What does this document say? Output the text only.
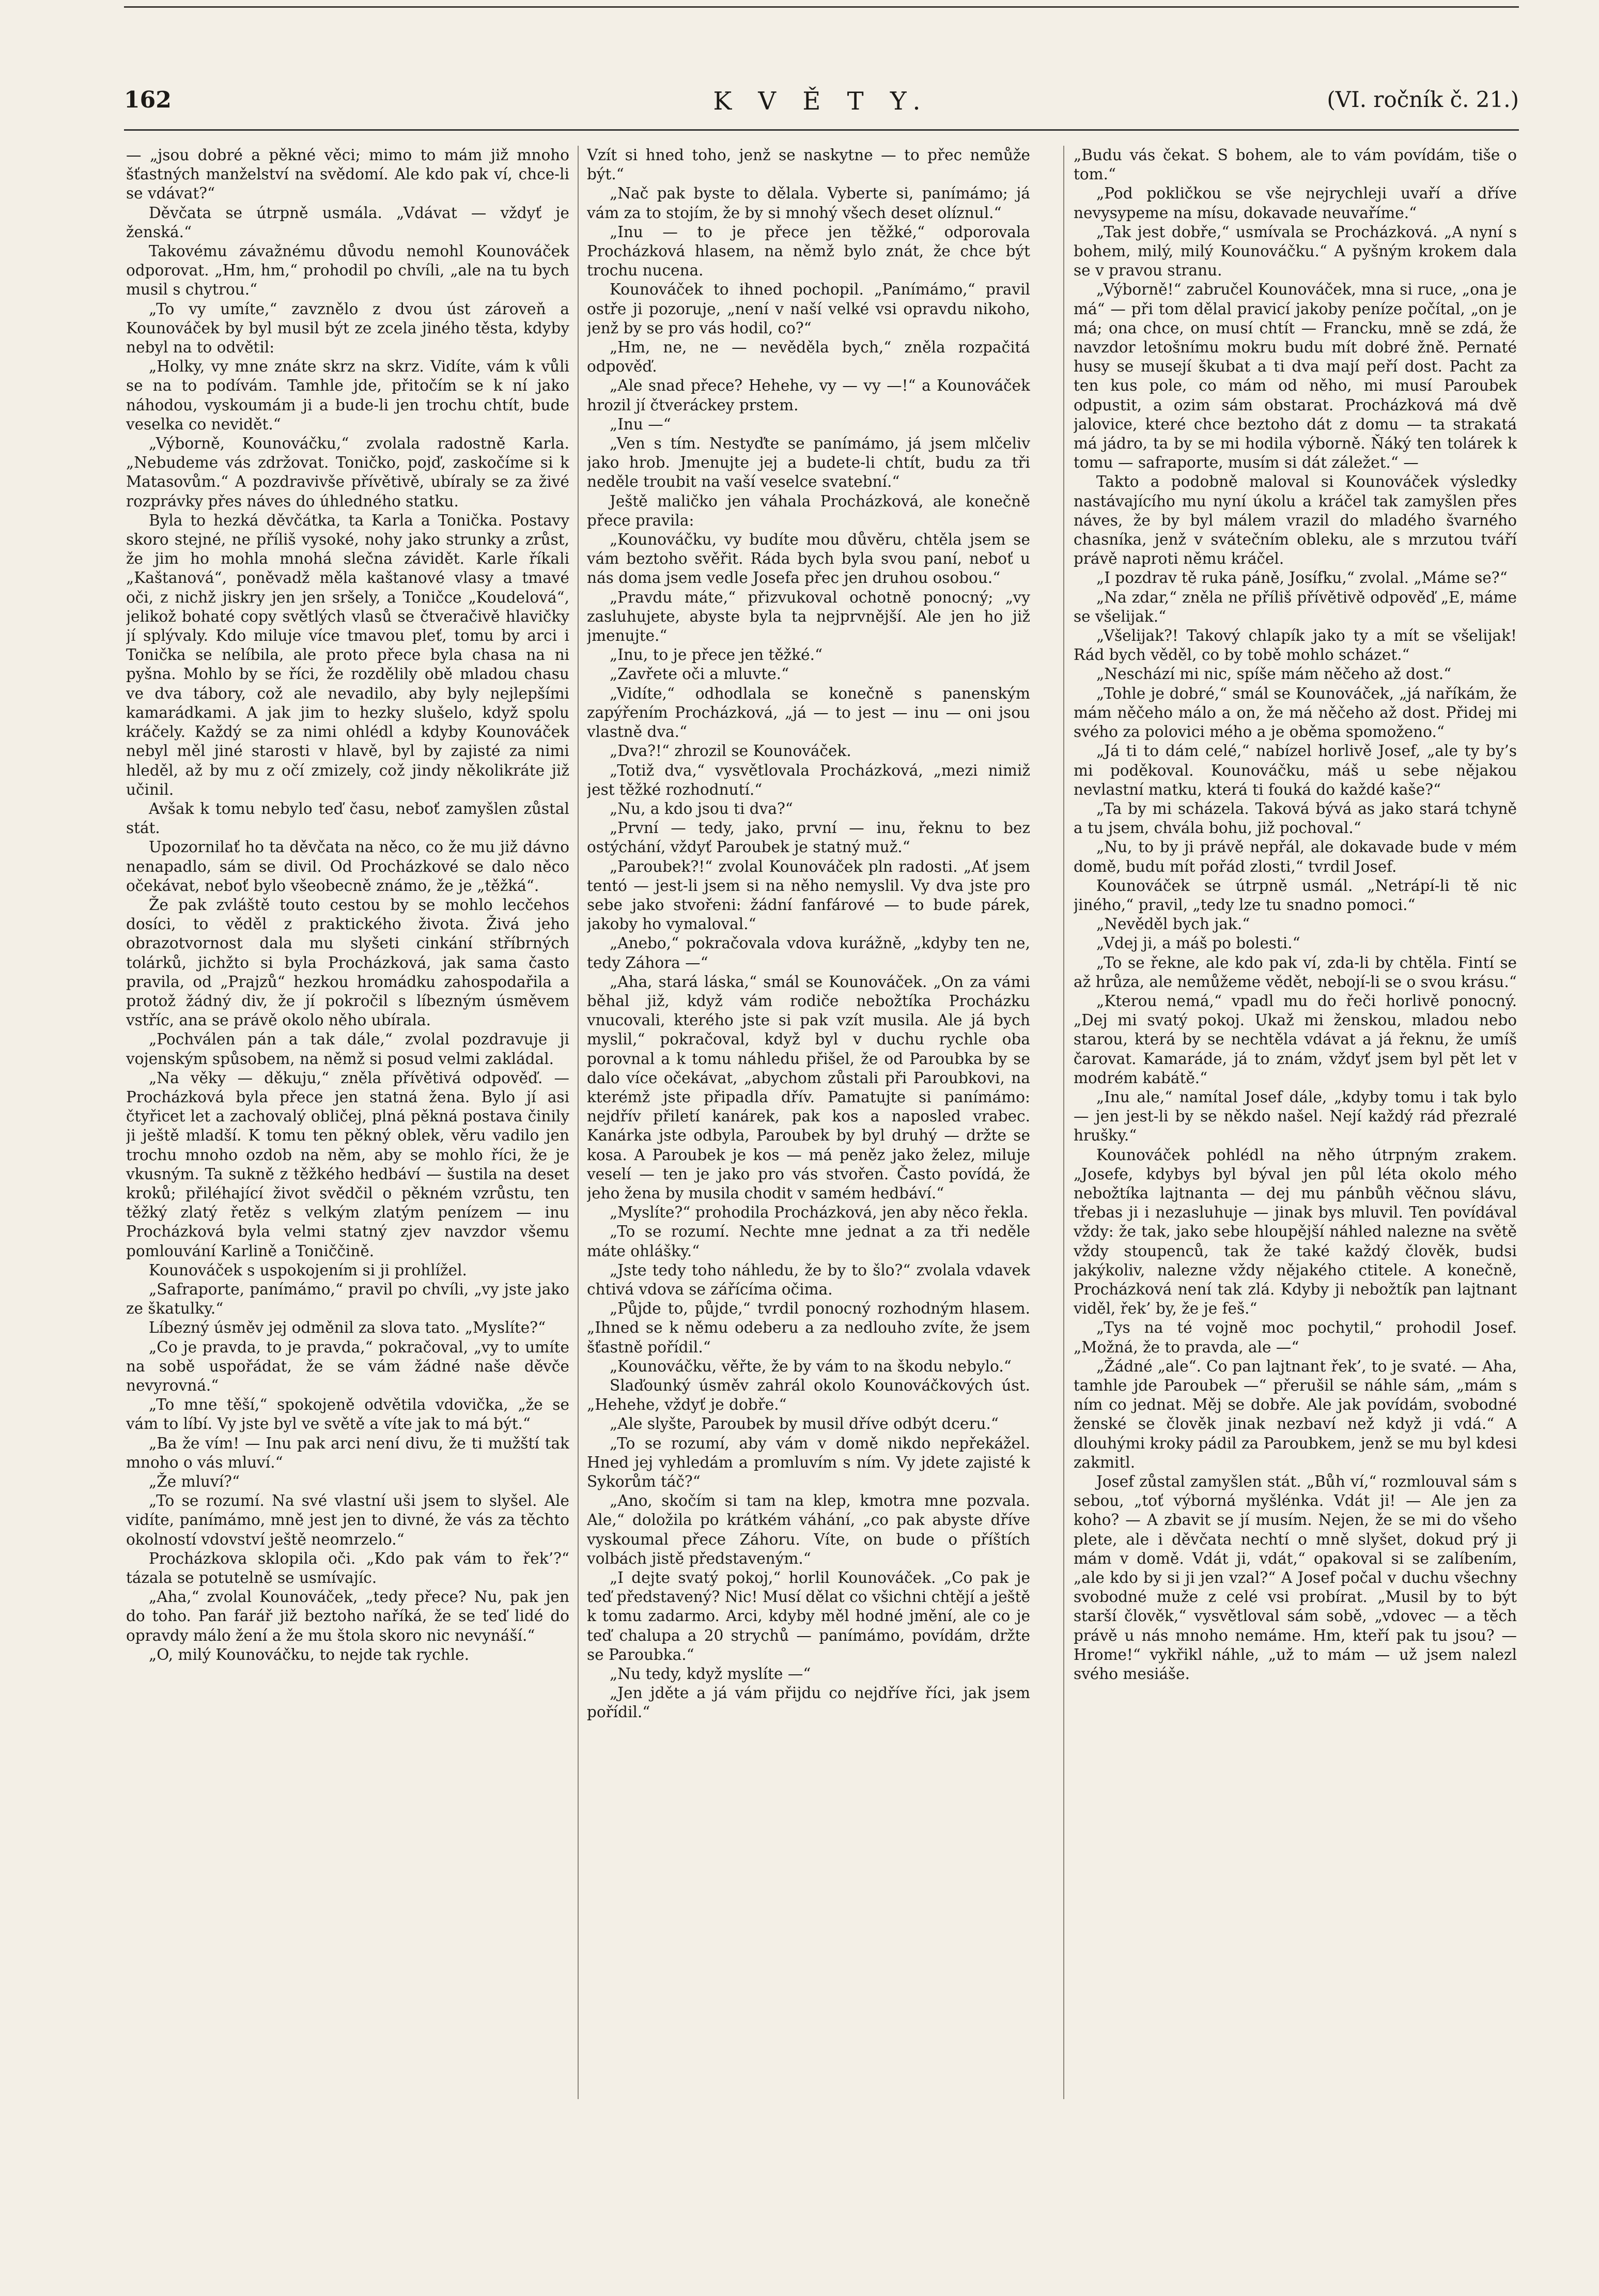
162	K V Ě T Y.	(VI. ročník č. 21.)

— „jsou dobré a pěkné věci; mimo to mám již mnoho šťastných manželství na svědomí. Ale kdo pak ví, chce-li se vdávat?“

Děvčata se útrpně usmála. „Vdávat — vždyť je ženská.“

Takovému závažnému důvodu nemohl Kounováček odporovat. „Hm, hm,“ prohodil po chvíli, „ale na tu bych musil s chytrou.“

„To vy umíte,“ zavznělo z dvou úst zároveň a Kounováček by byl musil být ze zcela jiného těsta, kdyby nebyl na to odvětil:

„Holky, vy mne znáte skrz na skrz. Vidíte, vám k vůli se na to podívám. Tamhle jde, přitočím se k ní jako náhodou, vyskoumám ji a bude-li jen trochu chtít, bude veselka co nevidět.“

„Výborně, Kounováčku,“ zvolala radostně Karla. „Nebudeme vás zdržovat. Toničko, pojď, zaskočíme si k Matasovům.“ A pozdravivše přívětivě, ubíraly se za živé rozprávky přes náves do úhledného statku.

Byla to hezká děvčátka, ta Karla a Tonička. Postavy skoro stejné, ne příliš vysoké, nohy jako strunky a zrůst, že jim ho mohla mnohá slečna závidět. Karle říkali „Kaštanová“, poněvadž měla kaštanové vlasy a tmavé oči, z nichž jiskry jen jen sršely, a Toničce „Koudelová“, jelikož bohaté copy světlých vlasů se čtveračivě hlavičky jí splývaly. Kdo miluje více tmavou pleť, tomu by arci i Tonička se nelíbila, ale proto přece byla chasa na ni pyšna. Mohlo by se říci, že rozdělily obě mladou chasu ve dva tábory, což ale nevadilo, aby byly nejlepšími kamarádkami. A jak jim to hezky slušelo, když spolu kráčely. Každý se za nimi ohlédl a kdyby Kounováček nebyl měl jiné starosti v hlavě, byl by zajisté za nimi hleděl, až by mu z očí zmizely, což jindy několikráte již učinil.

Avšak k tomu nebylo teď času, neboť zamyšlen zůstal stát.

Upozornilať ho ta děvčata na něco, co že mu již dávno nenapadlo, sám se divil. Od Procházkové se dalo něco očekávat, neboť bylo všeobecně známo, že je „těžká“.

Že pak zvláště touto cestou by se mohlo lecčehos dosíci, to věděl z praktického života. Živá jeho obrazotvornost dala mu slyšeti cinkání stříbrných tolárků, jichžto si byla Procházková, jak sama často pravila, od „Prajzů“ hezkou hromádku zahospodařila a protož žádný div, že jí pokročil s líbezným úsměvem vstříc, ana se právě okolo něho ubírala.

„Pochválen pán a tak dále,“ zvolal pozdravuje ji vojenským spůsobem, na němž si posud velmi zakládal.

„Na věky — děkuju,“ zněla přívětivá odpověď. — Procházková byla přece jen statná žena. Bylo jí asi čtyřicet let a zachovalý obličej, plná pěkná postava činily ji ještě mladší. K tomu ten pěkný oblek, věru vadilo jen trochu mnoho ozdob na něm, aby se mohlo říci, že je vkusným. Ta sukně z těžkého hedbáví — šustila na deset kroků; přiléhající život svědčil o pěkném vzrůstu, ten těžký zlatý řetěz s velkým zlatým penízem — inu Procházková byla velmi statný zjev navzdor všemu pomlouvání Karlině a Toniččině.

Kounováček s uspokojením si ji prohlížel.

„Safraporte, panímámo,“ pravil po chvíli, „vy jste jako ze škatulky.“

Líbezný úsměv jej odměnil za slova tato. „Myslíte?“

„Co je pravda, to je pravda,“ pokračoval, „vy to umíte na sobě uspořádat, že se vám žádné naše děvče nevyrovná.“

„To mne těší,“ spokojeně odvětila vdovička, „že se vám to líbí. Vy jste byl ve světě a víte jak to má být.“

„Ba že vím! — Inu pak arci není divu, že ti mužští tak mnoho o vás mluví.“

„Že mluví?“

„To se rozumí. Na své vlastní uši jsem to slyšel. Ale vidíte, panímámo, mně jest jen to divné, že vás za těchto okolností vdovství ještě neomrzelo.“

Procházkova sklopila oči. „Kdo pak vám to řek’?“ tázala se potutelně se usmívajíc.

„Aha,“ zvolal Kounováček, „tedy přece? Nu, pak jen do toho. Pan farář již beztoho naříká, že se teď lidé do opravdy málo žení a že mu štola skoro nic nevynáší.“

„O, milý Kounováčku, to nejde tak rychle.

Vzít si hned toho, jenž se naskytne — to přec nemůže být.“

„Nač pak byste to dělala. Vyberte si, panímámo; já vám za to stojím, že by si mnohý všech deset olíznul.“

„Inu — to je přece jen těžké,“ odporovala Procházková hlasem, na němž bylo znát, že chce být trochu nucena.

Kounováček to ihned pochopil. „Panímámo,“ pravil ostře ji pozoruje, „není v naší velké vsi opravdu nikoho, jenž by se pro vás hodil, co?“

„Hm, ne, ne — nevěděla bych,“ zněla rozpačitá odpověď.

„Ale snad přece? Hehehe, vy — vy —!“ a Kounováček hrozil jí čtveráckey prstem.

„Inu —“

„Ven s tím. Nestyďte se panímámo, já jsem mlčeliv jako hrob. Jmenujte jej a budete-li chtít, budu za tři neděle troubit na vaší veselce svatební.“

Ještě maličko jen váhala Procházková, ale konečně přece pravila:

„Kounováčku, vy budíte mou důvěru, chtěla jsem se vám beztoho svěřit. Ráda bych byla svou paní, neboť u nás doma jsem vedle Josefa přec jen druhou osobou.“

„Pravdu máte,“ přizvukoval ochotně ponocný; „vy zasluhujete, abyste byla ta nejprvnější. Ale jen ho již jmenujte.“

„Inu, to je přece jen těžké.“

„Zavřete oči a mluvte.“

„Vidíte,“ odhodlala se konečně s panenským zapýřením Procházková, „já — to jest — inu — oni jsou vlastně dva.“

„Dva?!“ zhrozil se Kounováček.

„Totiž dva,“ vysvětlovala Procházková, „mezi nimiž jest těžké rozhodnutí.“

„Nu, a kdo jsou ti dva?“

„První — tedy, jako, první — inu, řeknu to bez ostýchání, vždyť Paroubek je statný muž.“

„Paroubek?!“ zvolal Kounováček pln radosti. „Ať jsem tentó — jest-li jsem si na něho nemyslil. Vy dva jste pro sebe jako stvořeni: žádní fanfárové — to bude párek, jakoby ho vymaloval.“

„Anebo,“ pokračovala vdova kurážně, „kdyby ten ne, tedy Záhora —“

„Aha, stará láska,“ smál se Kounováček. „On za vámi běhal již, když vám rodiče nebožtíka Procházku vnucovali, kterého jste si pak vzít musila. Ale já bych myslil,“ pokračoval, když byl v duchu rychle oba porovnal a k tomu náhledu přišel, že od Paroubka by se dalo více očekávat, „abychom zůstali při Paroubkovi, na kterémž jste připadla dřív. Pamatujte si panímámo: nejdřív přiletí kanárek, pak kos a naposled vrabec. Kanárka jste odbyla, Paroubek by byl druhý — držte se kosa. A Paroubek je kos — má peněz jako želez, miluje veselí — ten je jako pro vás stvořen. Často povídá, že jeho žena by musila chodit v samém hedbáví.“

„Myslíte?“ prohodila Procházková, jen aby něco řekla.

„To se rozumí. Nechte mne jednat a za tři neděle máte ohlášky.“

„Jste tedy toho náhledu, že by to šlo?“ zvolala vdavek chtivá vdova se zářícíma očima.

„Půjde to, půjde,“ tvrdil ponocný rozhodným hlasem. „Ihned se k němu odeberu a za nedlouho zvíte, že jsem šťastně pořídil.“

„Kounováčku, věřte, že by vám to na škodu nebylo.“

Slaďounký úsměv zahrál okolo Kounováčkových úst. „Hehehe, vždyť je dobře.“

„Ale slyšte, Paroubek by musil dříve odbýt dceru.“

„To se rozumí, aby vám v domě nikdo nepřekážel. Hned jej vyhledám a promluvím s ním. Vy jdete zajisté k Sykorům táč?“

„Ano, skočím si tam na klep, kmotra mne pozvala. Ale,“ doložila po krátkém váhání, „co pak abyste dříve vyskoumal přece Záhoru. Víte, on bude o příštích volbách jistě představeným.“

„I dejte svatý pokoj,“ horlil Kounováček. „Co pak je teď představený? Nic! Musí dělat co všichni chtějí a ještě k tomu zadarmo. Arci, kdyby měl hodné jmění, ale co je teď chalupa a 20 strychů — panímámo, povídám, držte se Paroubka.“

„Nu tedy, když myslíte —“

„Jen jděte a já vám přijdu co nejdříve říci, jak jsem pořídil.“

„Budu vás čekat. S bohem, ale to vám povídám, tiše o tom.“

„Pod pokličkou se vše nejrychleji uvaří a dříve nevysypeme na mísu, dokavade neuvaříme.“

„Tak jest dobře,“ usmívala se Procházková. „A nyní s bohem, milý, milý Kounováčku.“ A pyšným krokem dala se v pravou stranu.

„Výborně!“ zabručel Kounováček, mna si ruce, „ona je má“ — při tom dělal pravicí jakoby peníze počítal, „on je má; ona chce, on musí chtít — Francku, mně se zdá, že navzdor letošnímu mokru budu mít dobré žně. Pernaté husy se musejí škubat a ti dva mají peří dost. Pacht za ten kus pole, co mám od něho, mi musí Paroubek odpustit, a ozim sám obstarat. Procházková má dvě jalovice, které chce beztoho dát z domu — ta strakatá má jádro, ta by se mi hodila výborně. Ňáký ten tolárek k tomu — safraporte, musím si dát záležet.“ —

Takto a podobně maloval si Kounováček výsledky nastávajícího mu nyní úkolu a kráčel tak zamyšlen přes náves, že by byl málem vrazil do mladého švarného chasníka, jenž v svátečním obleku, ale s mrzutou tváří právě naproti němu kráčel.

„I pozdrav tě ruka páně, Josífku,“ zvolal. „Máme se?“

„Na zdar,“ zněla ne příliš přívětivě odpověď „E, máme se všelijak.“

„Všelijak?! Takový chlapík jako ty a mít se všelijak! Rád bych věděl, co by tobě mohlo scházet.“

„Neschází mi nic, spíše mám něčeho až dost.“

„Tohle je dobré,“ smál se Kounováček, „já naříkám, že mám něčeho málo a on, že má něčeho až dost. Přidej mi svého za polovici mého a je oběma spomoženo.“

„Já ti to dám celé,“ nabízel horlivě Josef, „ale ty by’s mi poděkoval. Kounováčku, máš u sebe nějakou nevlastní matku, která ti fouká do každé kaše?“

„Ta by mi scházela. Taková bývá as jako stará tchyně a tu jsem, chvála bohu, již pochoval.“

„Nu, to by ji právě nepřál, ale dokavade bude v mém domě, budu mít pořád zlosti,“ tvrdil Josef.

Kounováček se útrpně usmál. „Netrápí-li tě nic jiného,“ pravil, „tedy lze tu snadno pomoci.“

„Nevěděl bych jak.“

„Vdej ji, a máš po bolesti.“

„To se řekne, ale kdo pak ví, zda-li by chtěla. Fintí se až hrůza, ale nemůžeme vědět, nebojí-li se o svou krásu.“

„Kterou nemá,“ vpadl mu do řeči horlivě ponocný. „Dej mi svatý pokoj. Ukaž mi ženskou, mladou nebo starou, která by se nechtěla vdávat a já řeknu, že umíš čarovat. Kamaráde, já to znám, vždyť jsem byl pět let v modrém kabátě.“

„Inu ale,“ namítal Josef dále, „kdyby tomu i tak bylo — jen jest-li by se někdo našel. Nejí každý rád přezralé hrušky.“

Kounováček pohlédl na něho útrpným zrakem. „Josefe, kdybys byl býval jen půl léta okolo mého nebožtíka lajtnanta — dej mu pánbůh věčnou slávu, třebas ji i nezasluhuje — jinak bys mluvil. Ten povídával vždy: že tak, jako sebe hloupější náhled nalezne na světě vždy stoupenců, tak že také každý člověk, budsi jakýkoliv, nalezne vždy nějakého ctitele. A konečně, Procházková není tak zlá. Kdyby ji nebožtík pan lajtnant viděl, řek’ by, že je feš.“

„Tys na té vojně moc pochytil,“ prohodil Josef. „Možná, že to pravda, ale —“

„Žádné „ale“. Co pan lajtnant řek’, to je svaté. — Aha, tamhle jde Paroubek —“ přerušil se náhle sám, „mám s ním co jednat. Měj se dobře. Ale jak povídám, svobodné ženské se člověk jinak nezbaví než když ji vdá.“ A dlouhými kroky pádil za Paroubkem, jenž se mu byl kdesi zakmitl.

Josef zůstal zamyšlen stát. „Bůh ví,“ rozmlouval sám s sebou, „toť výborná myšlénka. Vdát ji! — Ale jen za koho? — A zbavit se jí musím. Nejen, že se mi do všeho plete, ale i děvčata nechtí o mně slyšet, dokud prý ji mám v domě. Vdát ji, vdát,“ opakoval si se zalíbením, „ale kdo by si ji jen vzal?“ A Josef počal v duchu všechny svobodné muže z celé vsi probírat. „Musil by to být starší člověk,“ vysvětloval sám sobě, „vdovec — a těch právě u nás mnoho nemáme. Hm, kteří pak tu jsou? — Hrome!“ vykřikl náhle, „už to mám — už jsem nalezl svého mesiáše.
